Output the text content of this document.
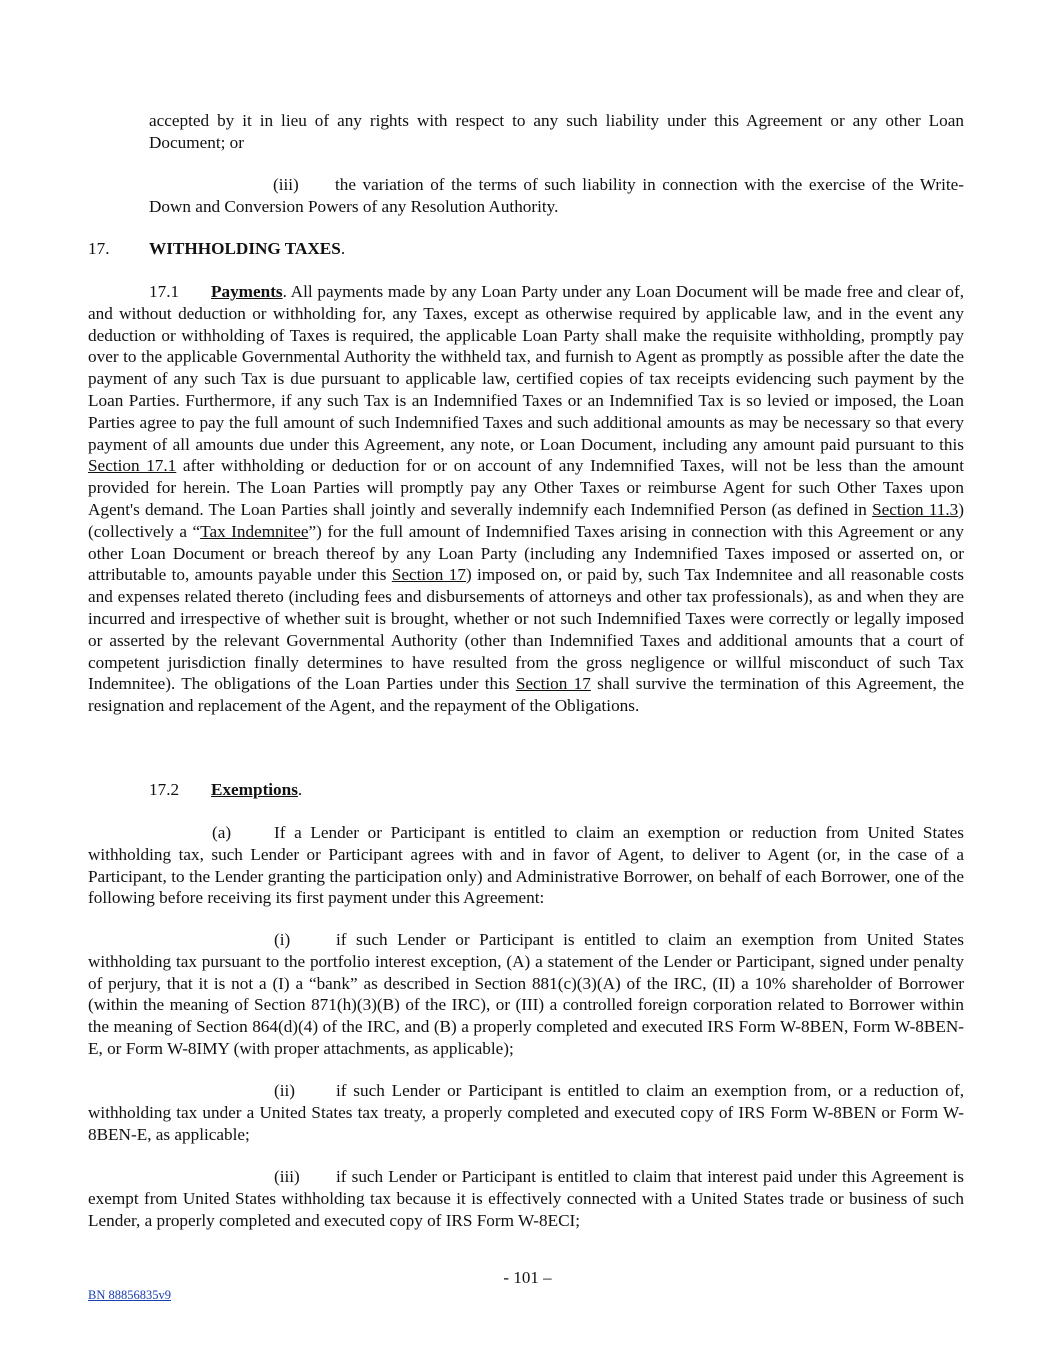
accepted by it in lieu of any rights with respect to any such liability under this Agreement or any other Loan Document; or

(iii) the variation of the terms of such liability in connection with the exercise of the Write-Down and Conversion Powers of any Resolution Authority.

17. WITHHOLDING TAXES.

17.1 Payments. All payments made by any Loan Party under any Loan Document will be made free and clear of, and without deduction or withholding for, any Taxes, except as otherwise required by applicable law, and in the event any deduction or withholding of Taxes is required, the applicable Loan Party shall make the requisite withholding, promptly pay over to the applicable Governmental Authority the withheld tax, and furnish to Agent as promptly as possible after the date the payment of any such Tax is due pursuant to applicable law, certified copies of tax receipts evidencing such payment by the Loan Parties. Furthermore, if any such Tax is an Indemnified Taxes or an Indemnified Tax is so levied or imposed, the Loan Parties agree to pay the full amount of such Indemnified Taxes and such additional amounts as may be necessary so that every payment of all amounts due under this Agreement, any note, or Loan Document, including any amount paid pursuant to this Section 17.1 after withholding or deduction for or on account of any Indemnified Taxes, will not be less than the amount provided for herein. The Loan Parties will promptly pay any Other Taxes or reimburse Agent for such Other Taxes upon Agent's demand. The Loan Parties shall jointly and severally indemnify each Indemnified Person (as defined in Section 11.3) (collectively a “Tax Indemnitee”) for the full amount of Indemnified Taxes arising in connection with this Agreement or any other Loan Document or breach thereof by any Loan Party (including any Indemnified Taxes imposed or asserted on, or attributable to, amounts payable under this Section 17) imposed on, or paid by, such Tax Indemnitee and all reasonable costs and expenses related thereto (including fees and disbursements of attorneys and other tax professionals), as and when they are incurred and irrespective of whether suit is brought, whether or not such Indemnified Taxes were correctly or legally imposed or asserted by the relevant Governmental Authority (other than Indemnified Taxes and additional amounts that a court of competent jurisdiction finally determines to have resulted from the gross negligence or willful misconduct of such Tax Indemnitee). The obligations of the Loan Parties under this Section 17 shall survive the termination of this Agreement, the resignation and replacement of the Agent, and the repayment of the Obligations.

17.2 Exemptions.

(a) If a Lender or Participant is entitled to claim an exemption or reduction from United States withholding tax, such Lender or Participant agrees with and in favor of Agent, to deliver to Agent (or, in the case of a Participant, to the Lender granting the participation only) and Administrative Borrower, on behalf of each Borrower, one of the following before receiving its first payment under this Agreement:

(i)	if such Lender or Participant is entitled to claim an exemption from United States withholding tax pursuant to the portfolio interest exception, (A) a statement of the Lender or Participant, signed under penalty of perjury, that it is not a (I) a “bank” as described in Section 881(c)(3)(A) of the IRC, (II) a 10% shareholder of Borrower (within the meaning of Section 871(h)(3)(B) of the IRC), or (III) a controlled foreign corporation related to Borrower within the meaning of Section 864(d)(4) of the IRC, and (B) a properly completed and executed IRS Form W-8BEN, Form W-8BEN-E, or Form W-8IMY (with proper attachments, as applicable);

(ii) if such Lender or Participant is entitled to claim an exemption from, or a reduction of, withholding tax under a United States tax treaty, a properly completed and executed copy of IRS Form W-8BEN or Form W-8BEN-E, as applicable;

(iii) if such Lender or Participant is entitled to claim that interest paid under this Agreement is exempt from United States withholding tax because it is effectively connected with a United States trade or business of such Lender, a properly completed and executed copy of IRS Form W-8ECI;

- 101 –
BN 88856835v9
